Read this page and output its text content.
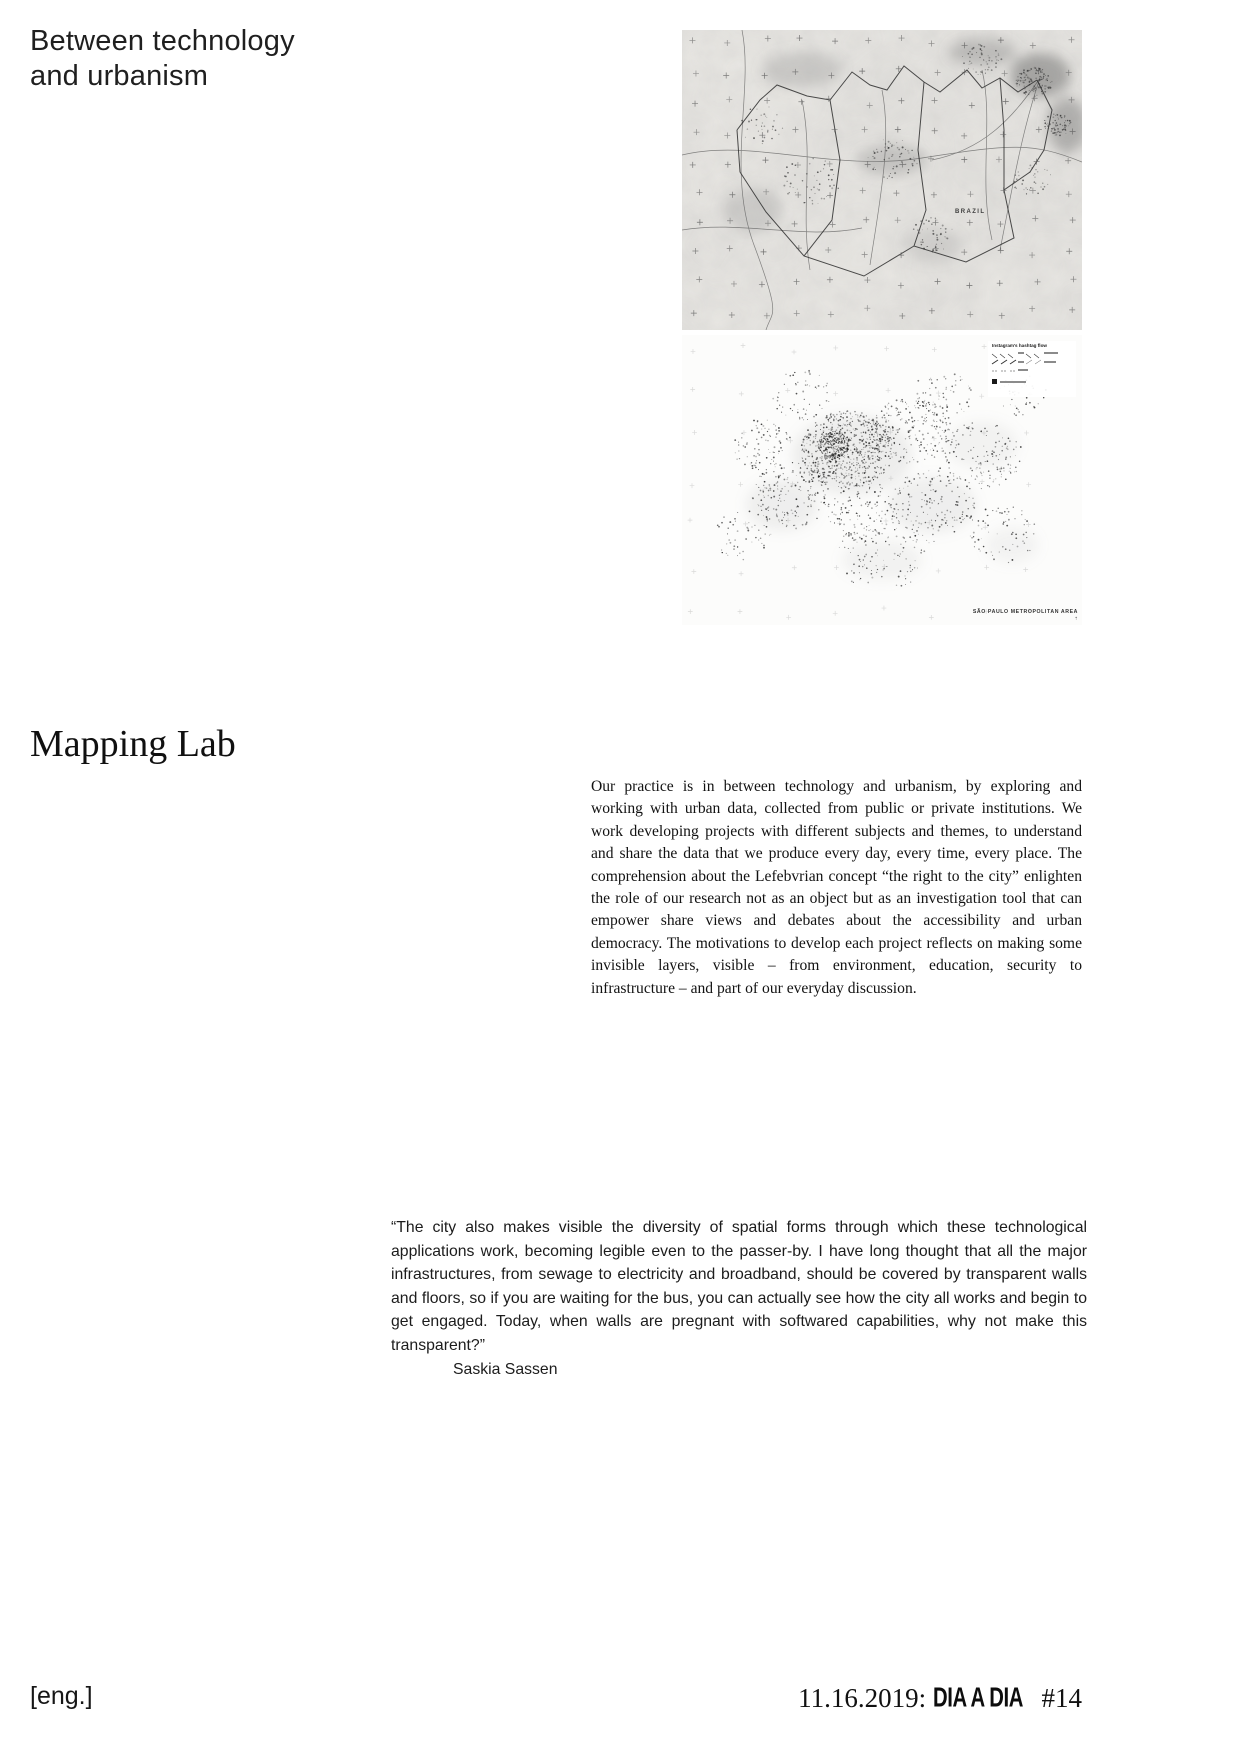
Between technology
and urbanism
BRAZIL
Instagram's hashtag flow
SÃO PAULO METROPOLITAN AREA
⇡
Mapping Lab
Our practice is in between technology and urbanism, by exploring and working with urban data, collected from public or private institutions. We work developing projects with different subjects and themes, to understand and share the data that we produce every day, every time, every place. The comprehension about the Lefebvrian concept “the right to the city” enlighten the role of our research not as an object but as an investigation tool that can empower share views and debates about the accessibility and urban democracy. The motivations to develop each project reflects on making some invisible layers, visible – from environment, education, security to infrastructure – and part of our everyday discussion.
“The city also makes visible the diversity of spatial forms through which these technological applications work, becoming legible even to the passer-by. I have long thought that all the major infrastructures, from sewage to electricity and broadband, should be covered by transparent walls and floors, so if you are waiting for the bus, you can actually see how the city all works and begin to get engaged. Today, when walls are pregnant with softwared capabilities, why not make this transparent?”
Saskia Sassen
[eng.]	11.16.2019: DIA A DIA #14
